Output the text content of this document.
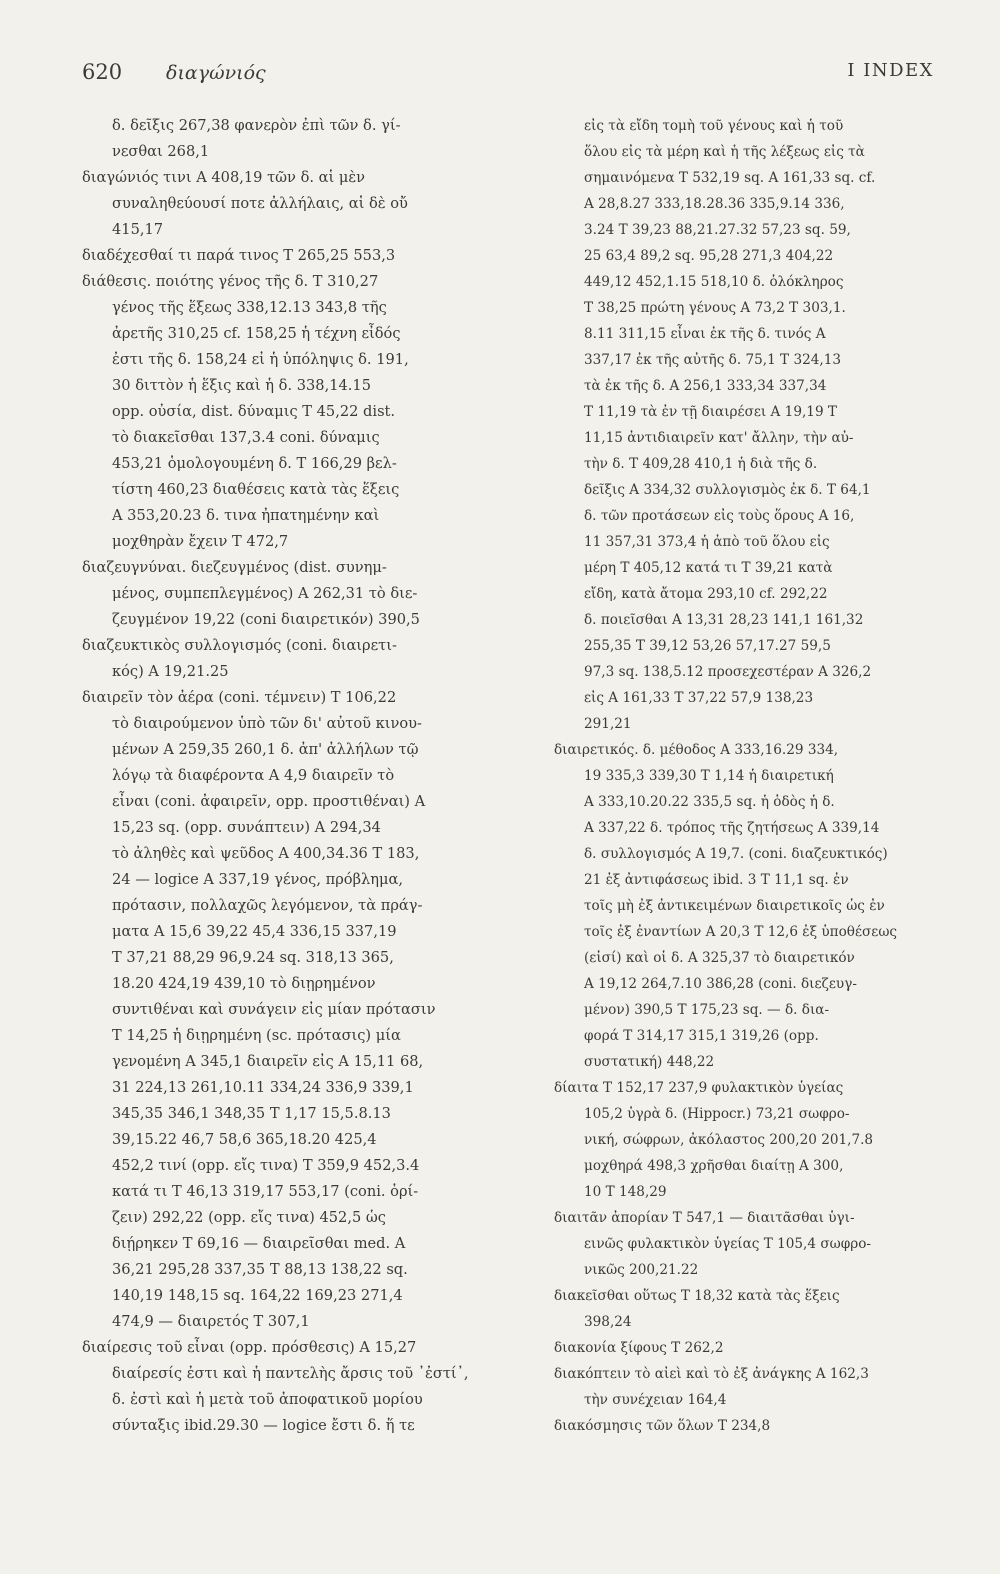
620 διαγώνιός	I INDEX
δ. δεῖξις 267,38 φανερὸν ἐπὶ τῶν δ. γί-
νεσθαι 268,1
διαγώνιός τινι Α 408,19 τῶν δ. αἱ μὲν
συναληθεύουσί ποτε ἀλλήλαις, αἱ δὲ οὔ
415,17
διαδέχεσθαί τι παρά τινος Τ 265,25 553,3
διάθεσις. ποιότης γένος τῆς δ. Τ 310,27
γένος τῆς ἕξεως 338,12.13 343,8 τῆς
ἀρετῆς 310,25 cf. 158,25 ἡ τέχνη εἶδός
ἐστι τῆς δ. 158,24 εἰ ἡ ὑπόληψις δ. 191,
30 διττὸν ἡ ἕξις καὶ ἡ δ. 338,14.15
opp. οὐσία, dist. δύναμις Τ 45,22 dist.
τὸ διακεῖσθαι 137,3.4 coni. δύναμις
453,21 ὁμολογουμένη δ. Τ 166,29 βελ-
τίστη 460,23 διαθέσεις κατὰ τὰς ἕξεις
Α 353,20.23 δ. τινα ἠπατημένην καὶ
μοχθηρὰν ἔχειν Τ 472,7
διαζευγνύναι. διεζευγμένος (dist. συνημ-
μένος, συμπεπλεγμένος) Α 262,31 τὸ διε-
ζευγμένον 19,22 (coni διαιρετικόν) 390,5
διαζευκτικὸς συλλογισμός (coni. διαιρετι-
κός) Α 19,21.25
διαιρεῖν τὸν ἀέρα (coni. τέμνειν) Τ 106,22
τὸ διαιρούμενον ὑπὸ τῶν δι' αὐτοῦ κινου-
μένων Α 259,35 260,1 δ. ἀπ' ἀλλήλων τῷ
λόγῳ τὰ διαφέροντα Α 4,9 διαιρεῖν τὸ
εἶναι (coni. ἀφαιρεῖν, opp. προστιθέναι) Α
15,23 sq. (opp. συνάπτειν) Α 294,34
τὸ ἀληθὲς καὶ ψεῦδος Α 400,34.36 Τ 183,
24 — logice Α 337,19 γένος, πρόβλημα,
πρότασιν, πολλαχῶς λεγόμενον, τὰ πράγ-
ματα Α 15,6 39,22 45,4 336,15 337,19
Τ 37,21 88,29 96,9.24 sq. 318,13 365,
18.20 424,19 439,10 τὸ διῃρημένον
συντιθέναι καὶ συνάγειν εἰς μίαν πρότασιν
Τ 14,25 ἡ διῃρημένη (sc. πρότασις) μία
γενομένη Α 345,1 διαιρεῖν εἰς Α 15,11 68,
31 224,13 261,10.11 334,24 336,9 339,1
345,35 346,1 348,35 Τ 1,17 15,5.8.13
39,15.22 46,7 58,6 365,18.20 425,4
452,2 τινί (opp. εἴς τινα) Τ 359,9 452,3.4
κατά τι Τ 46,13 319,17 553,17 (coni. ὁρί-
ζειν) 292,22 (opp. εἴς τινα) 452,5 ὡς
διῄρηκεν Τ 69,16 — διαιρεῖσθαι med. Α
36,21 295,28 337,35 Τ 88,13 138,22 sq.
140,19 148,15 sq. 164,22 169,23 271,4
474,9 — διαιρετός Τ 307,1
διαίρεσις τοῦ εἶναι (opp. πρόσθεσις) Α 15,27
διαίρεσίς ἐστι καὶ ἡ παντελὴς ἄρσις τοῦ ᾿ἐστί᾿,
δ. ἐστὶ καὶ ἡ μετὰ τοῦ ἀποφατικοῦ μορίου
σύνταξις ibid.29.30 — logice ἔστι δ. ἥ τε
εἰς τὰ εἴδη τομὴ τοῦ γένους καὶ ἡ τοῦ
ὅλου εἰς τὰ μέρη καὶ ἡ τῆς λέξεως εἰς τὰ
σημαινόμενα Τ 532,19 sq. Α 161,33 sq. cf.
Α 28,8.27 333,18.28.36 335,9.14 336,
3.24 Τ 39,23 88,21.27.32 57,23 sq. 59,
25 63,4 89,2 sq. 95,28 271,3 404,22
449,12 452,1.15 518,10 δ. ὁλόκληρος
Τ 38,25 πρώτη γένους Α 73,2 Τ 303,1.
8.11 311,15 εἶναι ἐκ τῆς δ. τινός Α
337,17 ἐκ τῆς αὐτῆς δ. 75,1 Τ 324,13
τὰ ἐκ τῆς δ. Α 256,1 333,34 337,34
Τ 11,19 τὰ ἐν τῇ διαιρέσει Α 19,19 Τ
11,15 ἀντιδιαιρεῖν κατ' ἄλλην, τὴν αὐ-
τὴν δ. Τ 409,28 410,1 ἡ διὰ τῆς δ.
δεῖξις Α 334,32 συλλογισμὸς ἐκ δ. Τ 64,1
δ. τῶν προτάσεων εἰς τοὺς ὅρους Α 16,
11 357,31 373,4 ἡ ἀπὸ τοῦ ὅλου εἰς
μέρη Τ 405,12 κατά τι Τ 39,21 κατὰ
εἴδη, κατὰ ἄτομα 293,10 cf. 292,22
δ. ποιεῖσθαι Α 13,31 28,23 141,1 161,32
255,35 Τ 39,12 53,26 57,17.27 59,5
97,3 sq. 138,5.12 προσεχεστέραν Α 326,2
εἰς Α 161,33 Τ 37,22 57,9 138,23
291,21
διαιρετικός. δ. μέθοδος Α 333,16.29 334,
19 335,3 339,30 Τ 1,14 ἡ διαιρετική
Α 333,10.20.22 335,5 sq. ἡ ὁδὸς ἡ δ.
Α 337,22 δ. τρόπος τῆς ζητήσεως Α 339,14
δ. συλλογισμός Α 19,7. (coni. διαζευκτικός)
21 ἐξ ἀντιφάσεως ibid. 3 Τ 11,1 sq. ἐν
τοῖς μὴ ἐξ ἀντικειμένων διαιρετικοῖς ὡς ἐν
τοῖς ἐξ ἐναντίων Α 20,3 Τ 12,6 ἐξ ὑποθέσεως
(εἰσί) καὶ οἱ δ. Α 325,37 τὸ διαιρετικόν
Α 19,12 264,7.10 386,28 (coni. διεζευγ-
μένον) 390,5 Τ 175,23 sq. — δ. δια-
φορά Τ 314,17 315,1 319,26 (opp.
συστατική) 448,22
δίαιτα Τ 152,17 237,9 φυλακτικὸν ὑγείας
105,2 ὑγρὰ δ. (Hippocr.) 73,21 σωφρο-
νική, σώφρων, ἀκόλαστος 200,20 201,7.8
μοχθηρά 498,3 χρῆσθαι διαίτῃ Α 300,
10 Τ 148,29
διαιτᾶν ἀπορίαν Τ 547,1 — διαιτᾶσθαι ὑγι-
εινῶς φυλακτικὸν ὑγείας Τ 105,4 σωφρο-
νικῶς 200,21.22
διακεῖσθαι οὕτως Τ 18,32 κατὰ τὰς ἕξεις
398,24
διακονία ξίφους Τ 262,2
διακόπτειν τὸ αἰεὶ καὶ τὸ ἐξ ἀνάγκης Α 162,3
τὴν συνέχειαν 164,4
διακόσμησις τῶν ὅλων Τ 234,8
